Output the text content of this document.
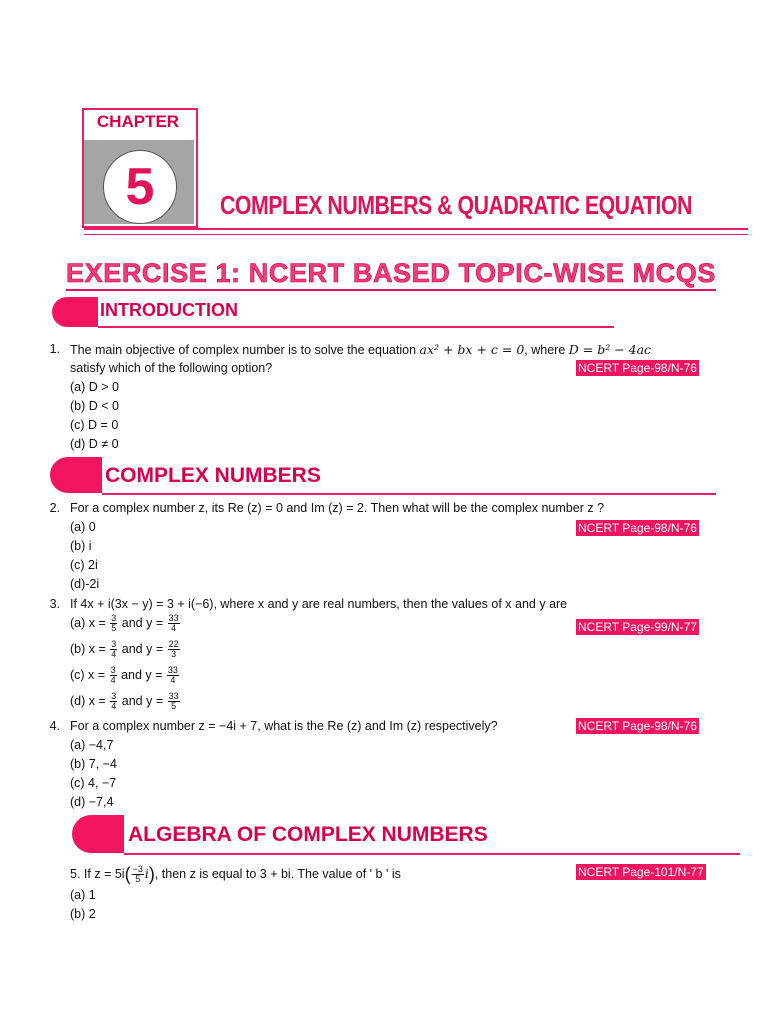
CHAPTER
5	COMPLEX NUMBERS & QUADRATIC EQUATION
EXERCISE 1: NCERT BASED TOPIC-WISE MCQS
INTRODUCTION
1. The main objective of complex number is to solve the equation ax² + bx + c = 0, where D = b² − 4ac
satisfy which of the following option?	NCERT Page-98/N-76
(a) D > 0
(b) D < 0
(c) D = 0
(d) D ≠ 0
COMPLEX NUMBERS
2. For a complex number z, its Re (z) = 0 and Im (z) = 2. Then what will be the complex number z ?
NCERT Page-98/N-76
(a) 0
(b) i
(c) 2i
(d)-2i
3. If 4x + i(3x − y) = 3 + i(−6), where x and y are real numbers, then the values of x and y are
NCERT Page-99/N-77
(a) $x = \frac{3}{5}$ and $y = \frac{33}{4}$
(b) $x = \frac{3}{4}$ and $y = \frac{22}{3}$
(c) $x = \frac{3}{4}$ and $y = \frac{33}{4}$
(d) $x = \frac{3}{4}$ and $y = \frac{33}{5}$
4. For a complex number z = −4i + 7, what is the Re (z) and Im (z) respectively?	NCERT Page-98/N-76
(a) −4,7
(b) 7, −4
(c) 4, −7
(d) −7,4
ALGEBRA OF COMPLEX NUMBERS
5. If $z = 5i( \frac{-3}{5} i)$, then z is equal to 3 + bi. The value of ' b ' is	NCERT Page-101/N-77
(a) 1
(b) 2
